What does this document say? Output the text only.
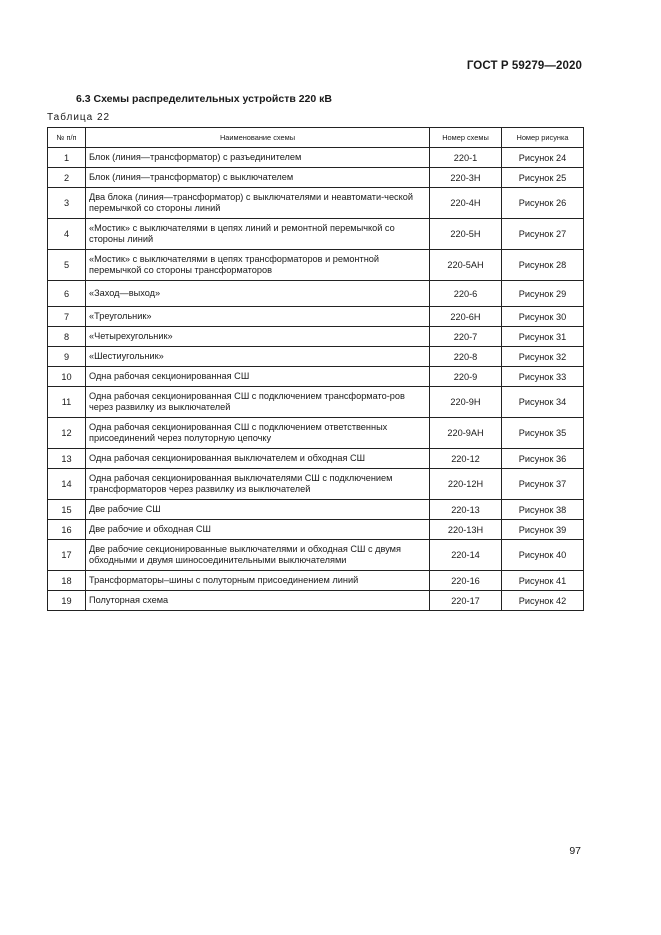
ГОСТ Р 59279—2020
6.3 Схемы распределительных устройств 220 кВ
Таблица 22
№ п/п	Наименование схемы	Номер схемы	Номер рисунка
1	Блок (линия—трансформатор) с разъединителем	220-1	Рисунок 24
2	Блок (линия—трансформатор) с выключателем	220-3Н	Рисунок 25
3	Два блока (линия—трансформатор) с выключателями и неавтомати-ческой перемычкой со стороны линий	220-4Н	Рисунок 26
4	«Мостик» с выключателями в цепях линий и ремонтной перемычкой со стороны линий	220-5Н	Рисунок 27
5	«Мостик» с выключателями в цепях трансформаторов и ремонтной перемычкой со стороны трансформаторов	220-5АН	Рисунок 28
6	«Заход—выход»	220-6	Рисунок 29
7	«Треугольник»	220-6Н	Рисунок 30
8	«Четырехугольник»	220-7	Рисунок 31
9	«Шестиугольник»	220-8	Рисунок 32
10	Одна рабочая секционированная СШ	220-9	Рисунок 33
11	Одна рабочая секционированная СШ с подключением трансформато-ров через развилку из выключателей	220-9Н	Рисунок 34
12	Одна рабочая секционированная СШ с подключением ответственных присоединений через полуторную цепочку	220-9АН	Рисунок 35
13	Одна рабочая секционированная выключателем и обходная СШ	220-12	Рисунок 36
14	Одна рабочая секционированная выключателями СШ с подключением трансформаторов через развилку из выключателей	220-12Н	Рисунок 37
15	Две рабочие СШ	220-13	Рисунок 38
16	Две рабочие и обходная СШ	220-13Н	Рисунок 39
17	Две рабочие секционированные выключателями и обходная СШ с двумя обходными и двумя шиносоединительными выключателями	220-14	Рисунок 40
18	Трансформаторы–шины с полуторным присоединением линий	220-16	Рисунок 41
19	Полуторная схема	220-17	Рисунок 42
97
